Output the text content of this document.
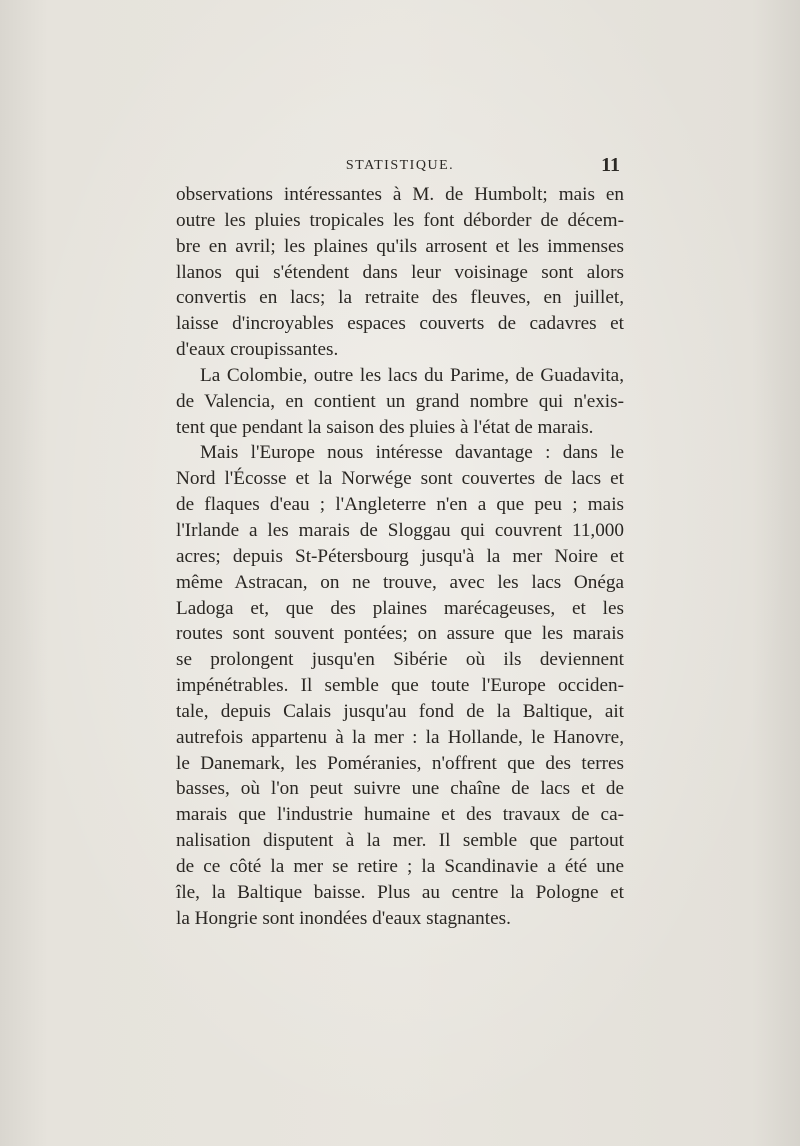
STATISTIQUE.	11

observations intéressantes à M. de Humbolt; mais en
outre les pluies tropicales les font déborder de décem-
bre en avril; les plaines qu'ils arrosent et les immenses
llanos qui s'étendent dans leur voisinage sont alors
convertis en lacs; la retraite des fleuves, en juillet,
laisse d'incroyables espaces couverts de cadavres et
d'eaux croupissantes.

La Colombie, outre les lacs du Parime, de Guadavita,
de Valencia, en contient un grand nombre qui n'exis-
tent que pendant la saison des pluies à l'état de marais.

Mais l'Europe nous intéresse davantage : dans le
Nord l'Écosse et la Norwége sont couvertes de lacs et
de flaques d'eau ; l'Angleterre n'en a que peu ; mais
l'Irlande a les marais de Sloggau qui couvrent 11,000
acres; depuis St-Pétersbourg jusqu'à la mer Noire et
même Astracan, on ne trouve, avec les lacs Onéga
Ladoga et, que des plaines marécageuses, et les
routes sont souvent pontées; on assure que les marais
se prolongent jusqu'en Sibérie où ils deviennent
impénétrables. Il semble que toute l'Europe occiden-
tale, depuis Calais jusqu'au fond de la Baltique, ait
autrefois appartenu à la mer : la Hollande, le Hanovre,
le Danemark, les Poméranies, n'offrent que des terres
basses, où l'on peut suivre une chaîne de lacs et de
marais que l'industrie humaine et des travaux de ca-
nalisation disputent à la mer. Il semble que partout
de ce côté la mer se retire ; la Scandinavie a été une
île, la Baltique baisse. Plus au centre la Pologne et
la Hongrie sont inondées d'eaux stagnantes.
